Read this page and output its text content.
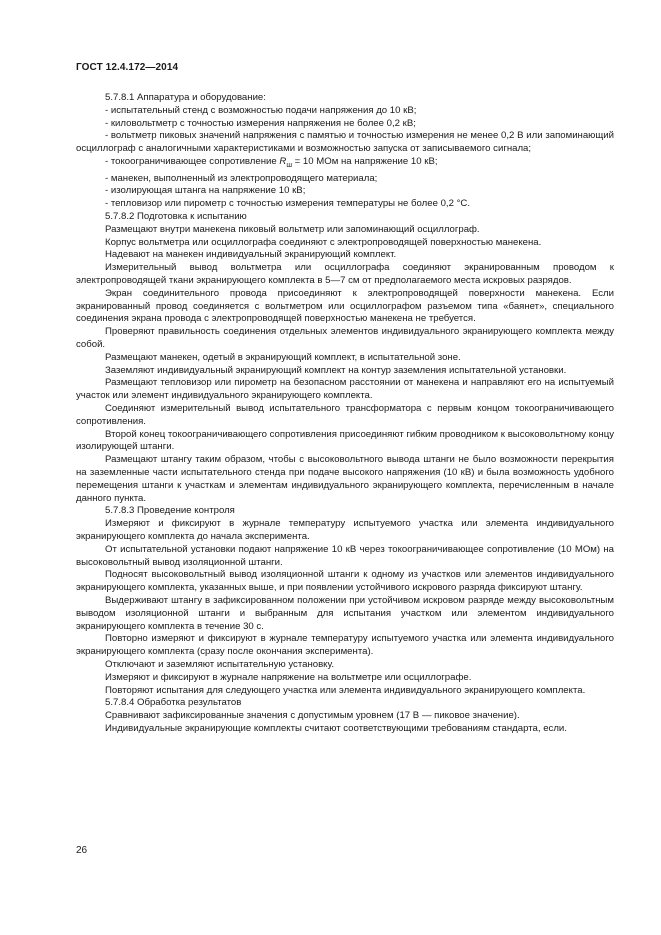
ГОСТ 12.4.172—2014

5.7.8.1 Аппаратура и оборудование:

- испытательный стенд с возможностью подачи напряжения до 10 кВ;

- киловольтметр с точностью измерения напряжения не более 0,2 кВ;

- вольтметр пиковых значений напряжения с памятью и точностью измерения не менее 0,2 В или запоминающий осциллограф с аналогичными характеристиками и возможностью запуска от записываемого сигнала;

- токоограничивающее сопротивление $R_ш = 10$ МОм на напряжение 10 кВ;

- манекен, выполненный из электропроводящего материала;

- изолирующая штанга на напряжение 10 кВ;

- тепловизор или пирометр с точностью измерения температуры не более 0,2 °С.

5.7.8.2 Подготовка к испытанию

Размещают внутри манекена пиковый вольтметр или запоминающий осциллограф.

Корпус вольтметра или осциллографа соединяют с электропроводящей поверхностью манекена.

Надевают на манекен индивидуальный экранирующий комплект.

Измерительный вывод вольтметра или осциллографа соединяют экранированным проводом к электропроводящей ткани экранирующего комплекта в 5—7 см от предполагаемого места искровых разрядов.

Экран соединительного провода присоединяют к электропроводящей поверхности манекена. Если экранированный провод соединяется с вольтметром или осциллографом разъемом типа «баянет», специального соединения экрана провода с электропроводящей поверхностью манекена не требуется.

Проверяют правильность соединения отдельных элементов индивидуального экранирующего комплекта между собой.

Размещают манекен, одетый в экранирующий комплект, в испытательной зоне.

Заземляют индивидуальный экранирующий комплект на контур заземления испытательной установки.

Размещают тепловизор или пирометр на безопасном расстоянии от манекена и направляют его на испытуемый участок или элемент индивидуального экранирующего комплекта.

Соединяют измерительный вывод испытательного трансформатора с первым концом токоограничивающего сопротивления.

Второй конец токоограничивающего сопротивления присоединяют гибким проводником к высоковольтному концу изолирующей штанги.

Размещают штангу таким образом, чтобы с высоковольтного вывода штанги не было возможности перекрытия на заземленные части испытательного стенда при подаче высокого напряжения (10 кВ) и была возможность удобного перемещения штанги к участкам и элементам индивидуального экранирующего комплекта, перечисленным в начале данного пункта.

5.7.8.3 Проведение контроля

Измеряют и фиксируют в журнале температуру испытуемого участка или элемента индивидуального экранирующего комплекта до начала эксперимента.

От испытательной установки подают напряжение 10 кВ через токоограничивающее сопротивление (10 МОм) на высоковольтный вывод изоляционной штанги.

Подносят высоковольтный вывод изоляционной штанги к одному из участков или элементов индивидуального экранирующего комплекта, указанных выше, и при появлении устойчивого искрового разряда фиксируют штангу.

Выдерживают штангу в зафиксированном положении при устойчивом искровом разряде между высоковольтным выводом изоляционной штанги и выбранным для испытания участком или элементом индивидуального экранирующего комплекта в течение 30 с.

Повторно измеряют и фиксируют в журнале температуру испытуемого участка или элемента индивидуального экранирующего комплекта (сразу после окончания эксперимента).

Отключают и заземляют испытательную установку.

Измеряют и фиксируют в журнале напряжение на вольтметре или осциллографе.

Повторяют испытания для следующего участка или элемента индивидуального экранирующего комплекта.

5.7.8.4 Обработка результатов

Сравнивают зафиксированные значения с допустимым уровнем (17 В — пиковое значение).

Индивидуальные экранирующие комплекты считают соответствующими требованиям стандарта, если.

26
